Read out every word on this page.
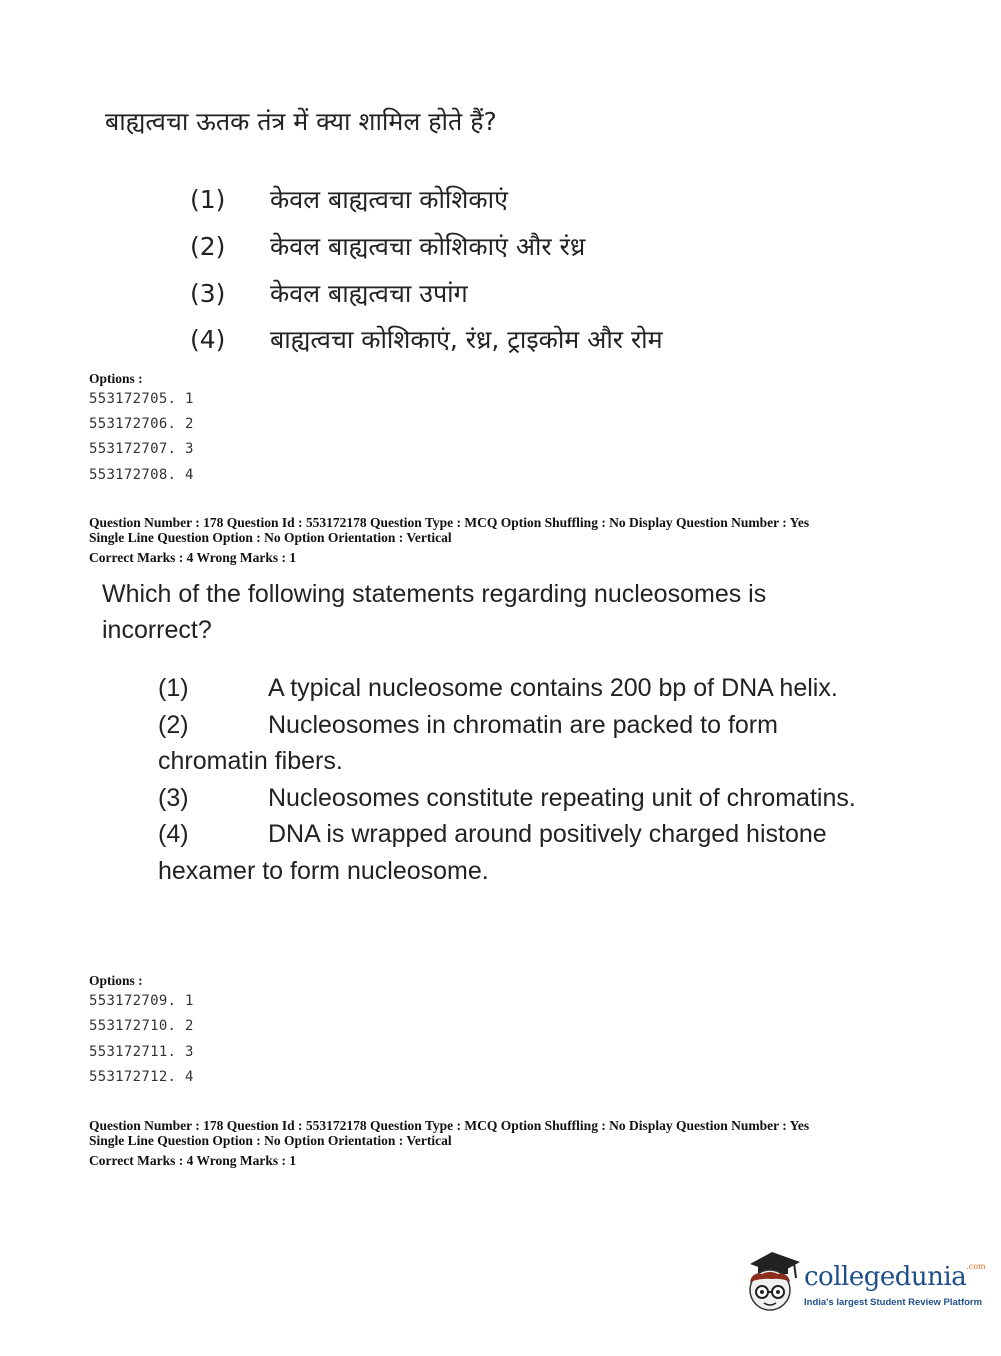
बाह्यत्वचा ऊतक तंत्र में क्या शामिल होते हैं?
(1) केवल बाह्यत्वचा कोशिकाएं
(2) केवल बाह्यत्वचा कोशिकाएं और रंध्र
(3) केवल बाह्यत्वचा उपांग
(4) बाह्यत्वचा कोशिकाएं, रंध्र, ट्राइकोम और रोम
Options :
553172705. 1
553172706. 2
553172707. 3
553172708. 4
Question Number : 178 Question Id : 553172178 Question Type : MCQ Option Shuffling : No Display Question Number : Yes
Single Line Question Option : No Option Orientation : Vertical
Correct Marks : 4 Wrong Marks : 1
Which of the following statements regarding nucleosomes is incorrect?
(1)	A typical nucleosome contains 200 bp of DNA helix.
(2)	Nucleosomes in chromatin are packed to form chromatin fibers.
(3)	Nucleosomes constitute repeating unit of chromatins.
(4)	DNA is wrapped around positively charged histone hexamer to form nucleosome.
Options :
553172709. 1
553172710. 2
553172711. 3
553172712. 4
Question Number : 178 Question Id : 553172178 Question Type : MCQ Option Shuffling : No Display Question Number : Yes
Single Line Question Option : No Option Orientation : Vertical
Correct Marks : 4 Wrong Marks : 1
collegedunia$^{.com}$
India's largest Student Review Platform
